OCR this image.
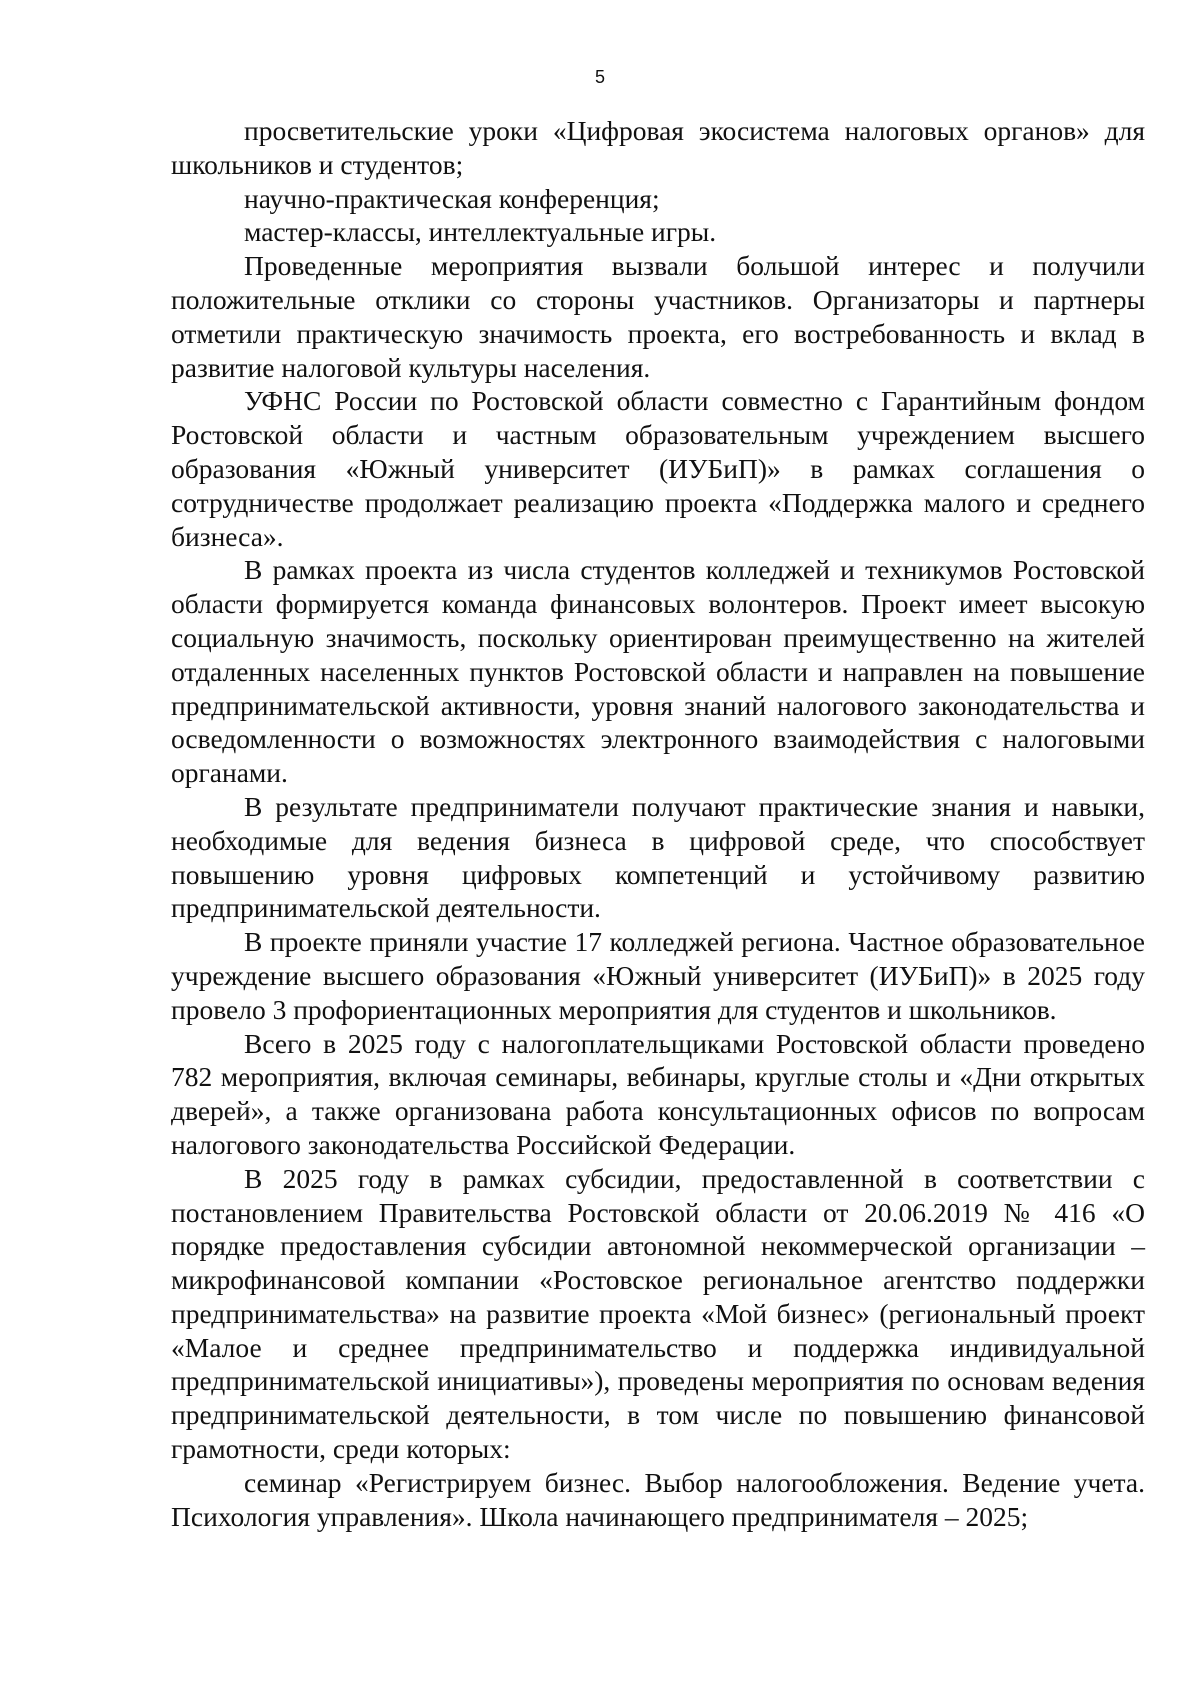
5

просветительские уроки «Цифровая экосистема налоговых органов» для школьников и студентов;

научно-практическая конференция;

мастер-классы, интеллектуальные игры.

Проведенные мероприятия вызвали большой интерес и получили положительные отклики со стороны участников. Организаторы и партнеры отметили практическую значимость проекта, его востребованность и вклад в развитие налоговой культуры населения.

УФНС России по Ростовской области совместно с Гарантийным фондом Ростовской области и частным образовательным учреждением высшего образования «Южный университет (ИУБиП)» в рамках соглашения о сотрудничестве продолжает реализацию проекта «Поддержка малого и среднего бизнеса».

В рамках проекта из числа студентов колледжей и техникумов Ростовской области формируется команда финансовых волонтеров. Проект имеет высокую социальную значимость, поскольку ориентирован преимущественно на жителей отдаленных населенных пунктов Ростовской области и направлен на повышение предпринимательской активности, уровня знаний налогового законодательства и осведомленности о возможностях электронного взаимодействия с налоговыми органами.

В результате предприниматели получают практические знания и навыки, необходимые для ведения бизнеса в цифровой среде, что способствует повышению уровня цифровых компетенций и устойчивому развитию предпринимательской деятельности.

В проекте приняли участие 17 колледжей региона. Частное образовательное учреждение высшего образования «Южный университет (ИУБиП)» в 2025 году провело 3 профориентационных мероприятия для студентов и школьников.

Всего в 2025 году с налогоплательщиками Ростовской области проведено 782 мероприятия, включая семинары, вебинары, круглые столы и «Дни открытых дверей», а также организована работа консультационных офисов по вопросам налогового законодательства Российской Федерации.

В 2025 году в рамках субсидии, предоставленной в соответствии с постановлением Правительства Ростовской области от 20.06.2019 № 416 «О порядке предоставления субсидии автономной некоммерческой организации – микрофинансовой компании «Ростовское региональное агентство поддержки предпринимательства» на развитие проекта «Мой бизнес» (региональный проект «Малое и среднее предпринимательство и поддержка индивидуальной предпринимательской инициативы»), проведены мероприятия по основам ведения предпринимательской деятельности, в том числе по повышению финансовой грамотности, среди которых:

семинар «Регистрируем бизнес. Выбор налогообложения. Ведение учета. Психология управления». Школа начинающего предпринимателя – 2025;
